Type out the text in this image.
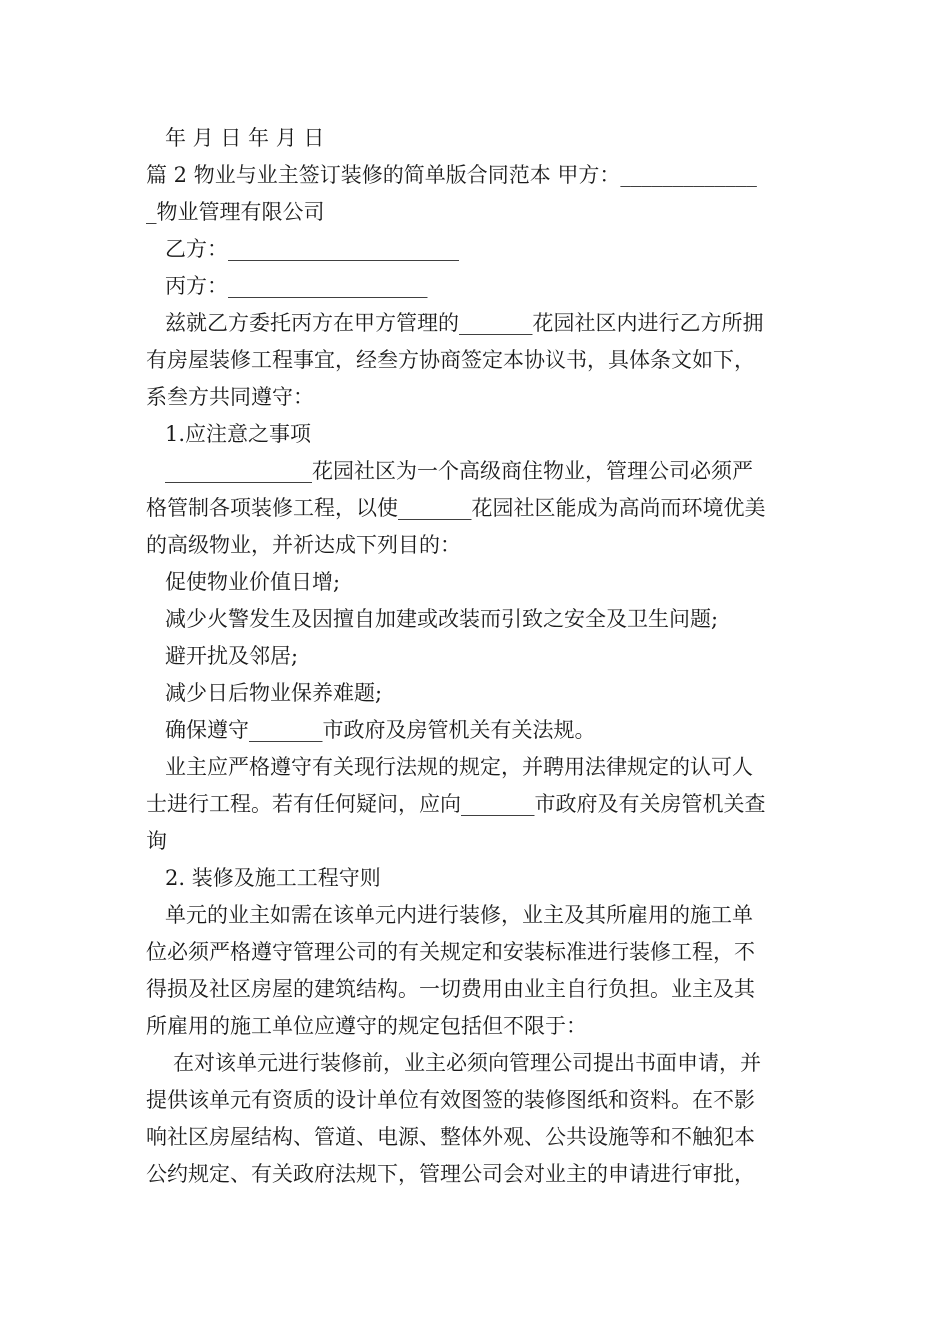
年 月 日 年 月 日
篇 2 物业与业主签订装修的简单版合同范本 甲方：_____________
_物业管理有限公司
乙方：______________________
丙方：___________________
兹就乙方委托丙方在甲方管理的_______花园社区内进行乙方所拥
有房屋装修工程事宜，经叁方协商签定本协议书，具体条文如下，
系叁方共同遵守：
1.应注意之事项
______________花园社区为一个高级商住物业，管理公司必须严
格管制各项装修工程，以使_______花园社区能成为高尚而环境优美
的高级物业，并祈达成下列目的：
促使物业价值日增;
减少火警发生及因擅自加建或改装而引致之安全及卫生问题;
避开扰及邻居;
减少日后物业保养难题;
确保遵守_______市政府及房管机关有关法规。
业主应严格遵守有关现行法规的规定，并聘用法律规定的认可人
士进行工程。若有任何疑问，应向_______市政府及有关房管机关查
询
2. 装修及施工工程守则
单元的业主如需在该单元内进行装修，业主及其所雇用的施工单
位必须严格遵守管理公司的有关规定和安装标准进行装修工程，不
得损及社区房屋的建筑结构。一切费用由业主自行负担。业主及其
所雇用的施工单位应遵守的规定包括但不限于：
在对该单元进行装修前，业主必须向管理公司提出书面申请，并
提供该单元有资质的设计单位有效图签的装修图纸和资料。在不影
响社区房屋结构、管道、电源、整体外观、公共设施等和不触犯本
公约规定、有关政府法规下，管理公司会对业主的申请进行审批，
